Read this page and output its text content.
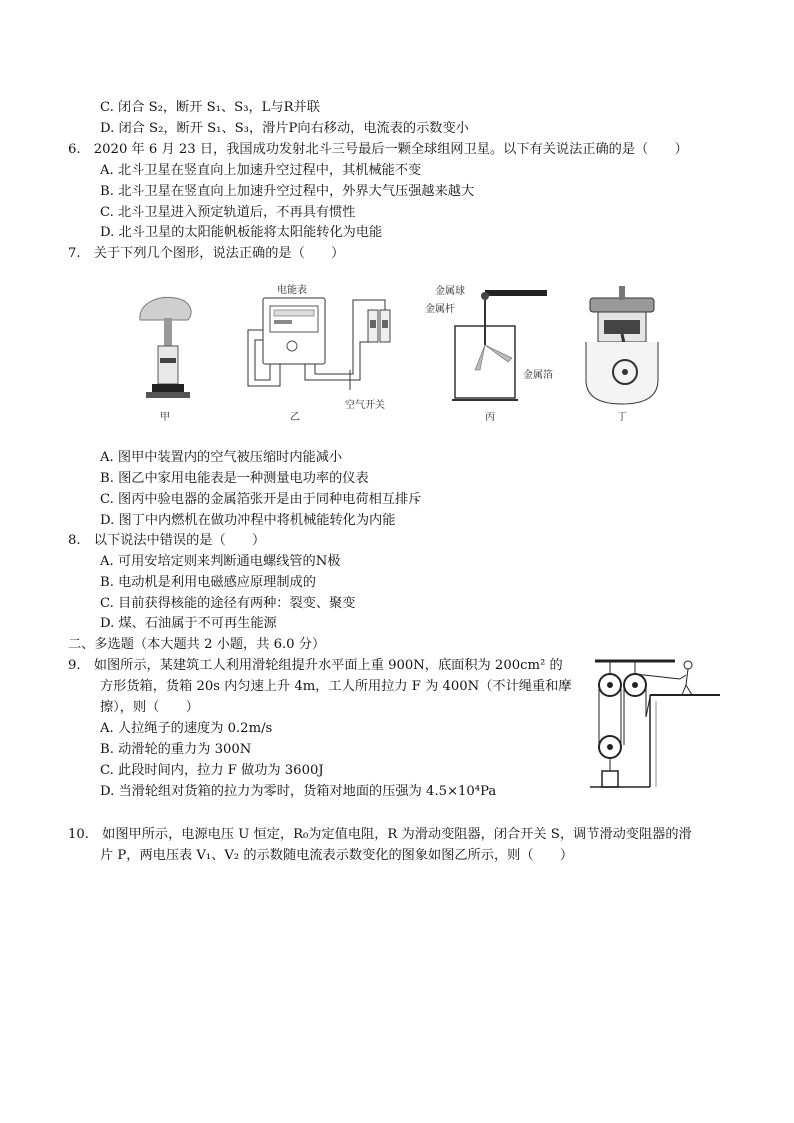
C. 闭合 S₂，断开 S₁、S₃，L与R并联
D. 闭合 S₂，断开 S₁、S₃，滑片P向右移动，电流表的示数变小
6.　2020 年 6 月 23 日，我国成功发射北斗三号最后一颗全球组网卫星。以下有关说法正确的是（　　）
A. 北斗卫星在竖直向上加速升空过程中，其机械能不变
B. 北斗卫星在竖直向上加速升空过程中，外界大气压强越来越大
C. 北斗卫星进入预定轨道后，不再具有惯性
D. 北斗卫星的太阳能帆板能将太阳能转化为电能
7.　关于下列几个图形，说法正确的是（　　）
甲
电能表
空气开关
乙
金属球
金属杆
金属箔
丙	丁
A. 图甲中装置内的空气被压缩时内能减小
B. 图乙中家用电能表是一种测量电功率的仪表
C. 图丙中验电器的金属箔张开是由于同种电荷相互排斥
D. 图丁中内燃机在做功冲程中将机械能转化为内能
8.　以下说法中错误的是（　　）
A. 可用安培定则来判断通电螺线管的N极
B. 电动机是利用电磁感应原理制成的
C. 目前获得核能的途径有两种：裂变、聚变
D. 煤、石油属于不可再生能源
二、多选题（本大题共 2 小题，共 6.0 分）
9.　如图所示，某建筑工人利用滑轮组提升水平面上重 900N，底面积为 200cm² 的
方形货箱，货箱 20s 内匀速上升 4m，工人所用拉力 F 为 400N（不计绳重和摩
擦），则（　　）
A. 人拉绳子的速度为 0.2m/s
B. 动滑轮的重力为 300N
C. 此段时间内，拉力 F 做功为 3600J
D. 当滑轮组对货箱的拉力为零时，货箱对地面的压强为 4.5×10⁴Pa
10.　如图甲所示，电源电压 U 恒定，R₀为定值电阻，R 为滑动变阻器，闭合开关 S，调节滑动变阻器的滑
片 P，两电压表 V₁、V₂ 的示数随电流表示数变化的图象如图乙所示，则（　　）
